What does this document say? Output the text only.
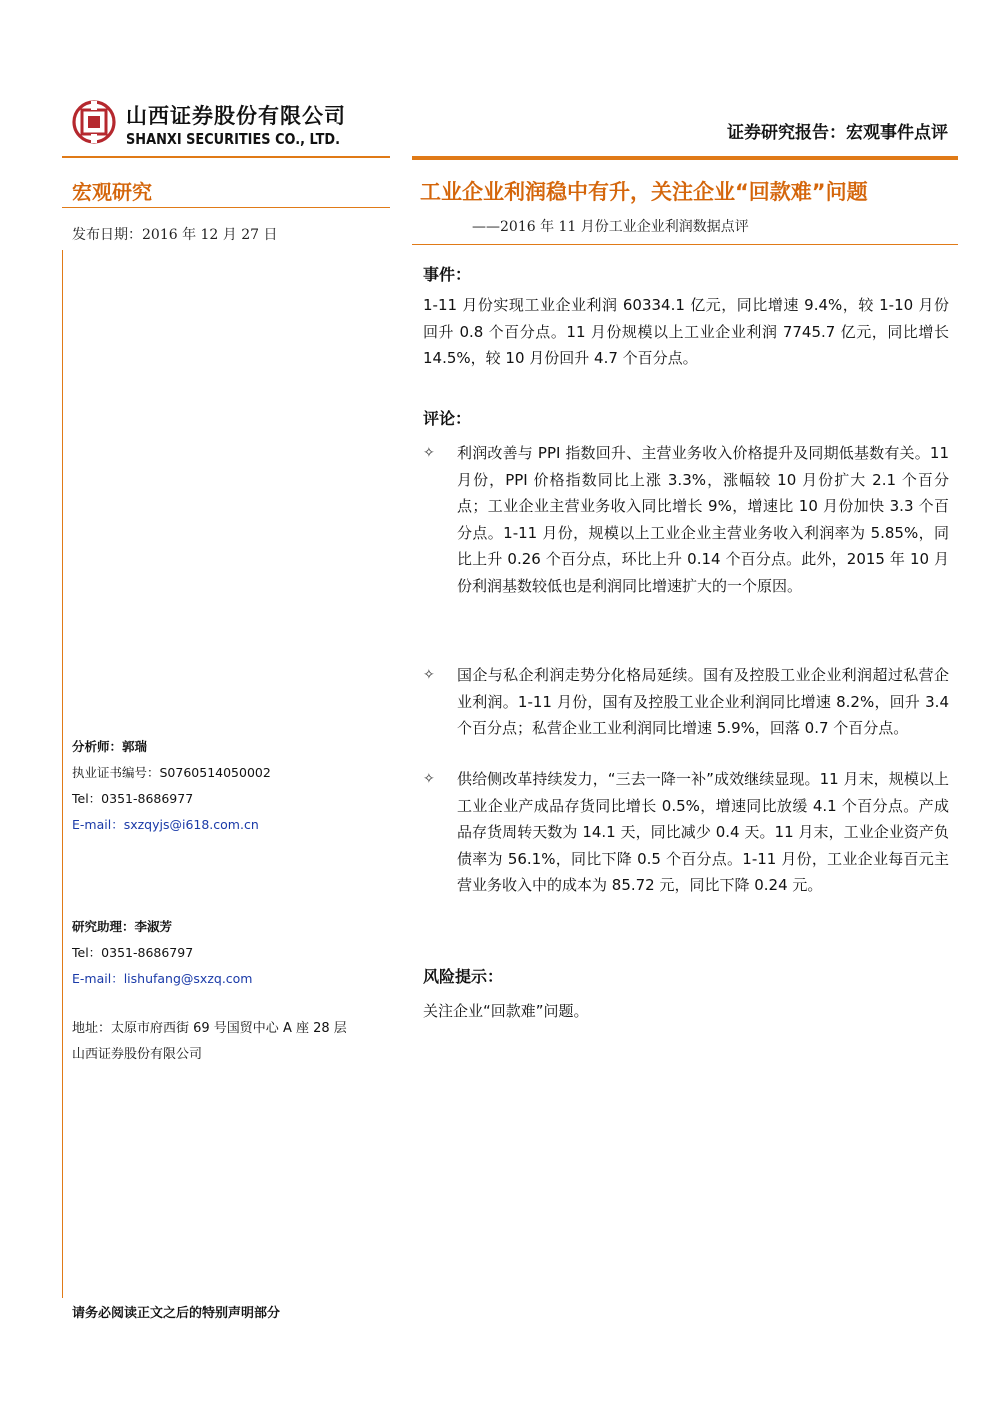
山西证券股份有限公司
SHANXI SECURITIES CO., LTD.	证券研究报告：宏观事件点评
宏观研究
发布日期：2016 年 12 月 27 日
分析师：郭瑞
执业证书编号：S0760514050002
Tel：0351-8686977
E-mail：sxzqyjs@i618.com.cn
研究助理：李淑芳
Tel：0351-8686797
E-mail：lishufang@sxzq.com
地址：太原市府西街 69 号国贸中心 A 座 28 层
山西证券股份有限公司
工业企业利润稳中有升，关注企业“回款难”问题
——2016 年 11 月份工业企业利润数据点评
事件：
1-11 月份实现工业企业利润 60334.1 亿元，同比增速 9.4%，较 1-10 月份回升 0.8 个百分点。11 月份规模以上工业企业利润 7745.7 亿元，同比增长 14.5%，较 10 月份回升 4.7 个百分点。
评论：
✧	利润改善与 PPI 指数回升、主营业务收入价格提升及同期低基数有关。11 月份，PPI 价格指数同比上涨 3.3%，涨幅较 10 月份扩大 2.1 个百分点；工业企业主营业务收入同比增长 9%，增速比 10 月份加快 3.3 个百分点。1-11 月份，规模以上工业企业主营业务收入利润率为 5.85%，同比上升 0.26 个百分点，环比上升 0.14 个百分点。此外，2015 年 10 月份利润基数较低也是利润同比增速扩大的一个原因。
✧	国企与私企利润走势分化格局延续。国有及控股工业企业利润超过私营企业利润。1-11 月份，国有及控股工业企业利润同比增速 8.2%，回升 3.4 个百分点；私营企业工业利润同比增速 5.9%，回落 0.7 个百分点。
✧	供给侧改革持续发力，“三去一降一补”成效继续显现。11 月末，规模以上工业企业产成品存货同比增长 0.5%，增速同比放缓 4.1 个百分点。产成品存货周转天数为 14.1 天，同比减少 0.4 天。11 月末，工业企业资产负债率为 56.1%，同比下降 0.5 个百分点。1-11 月份，工业企业每百元主营业务收入中的成本为 85.72 元，同比下降 0.24 元。
风险提示：
关注企业“回款难”问题。
请务必阅读正文之后的特别声明部分
